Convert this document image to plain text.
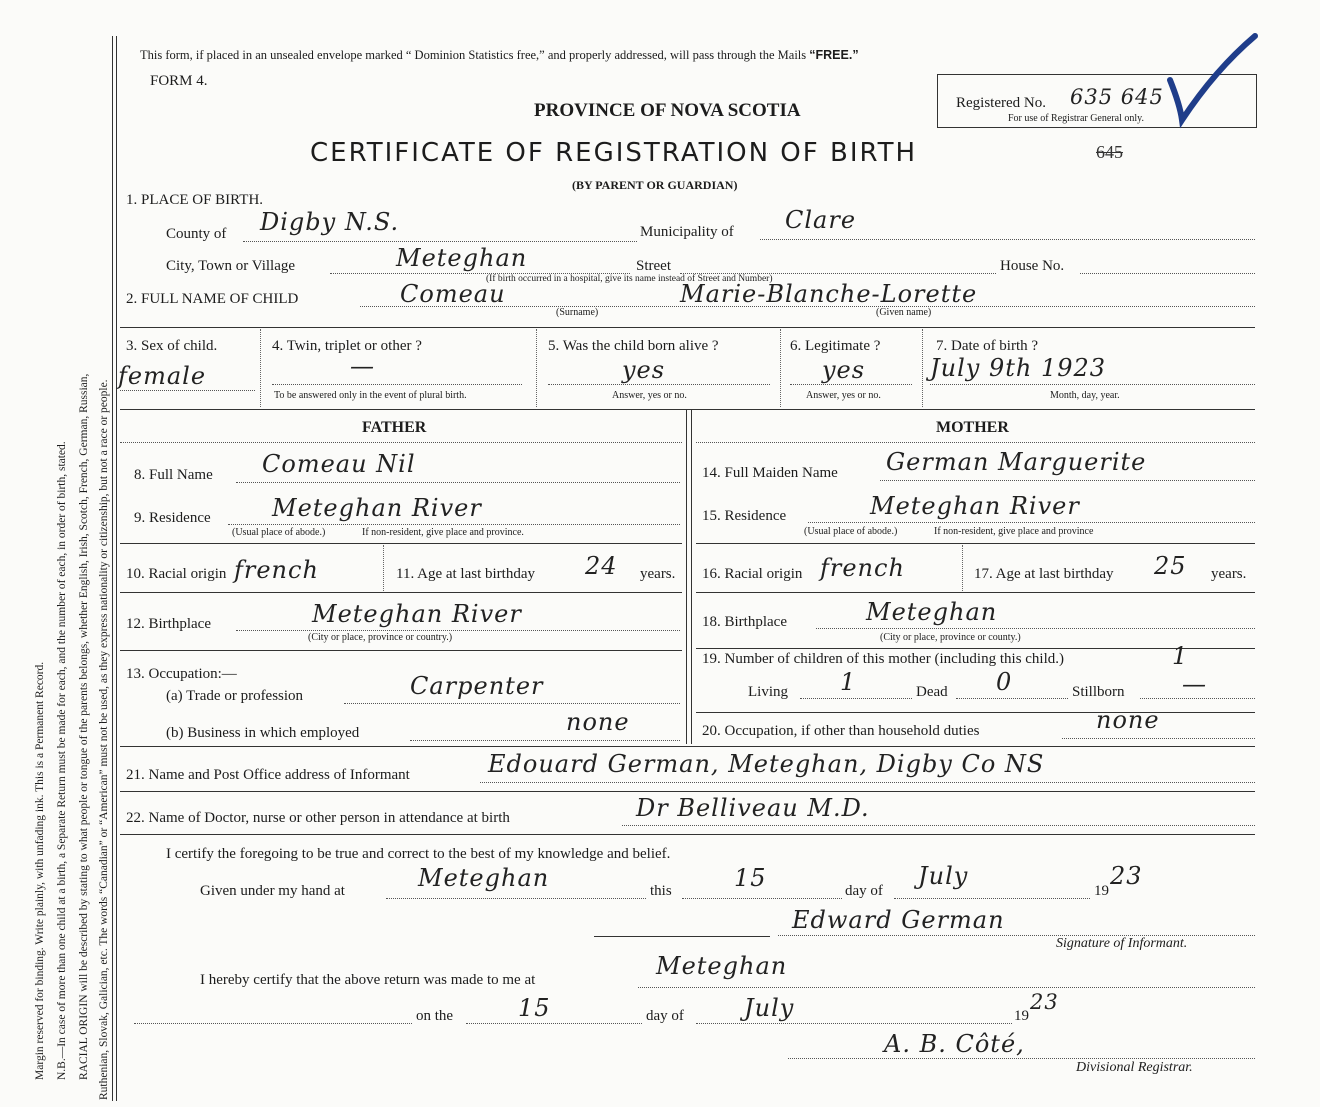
Margin reserved for binding. Write plainly, with unfading ink. This is a Permanent Record. N.B.—In case of more than one child at a birth, a Separate Return must be made for each, and the number of each, in order of birth, stated. RACIAL ORIGIN will be described by stating to what people or tongue of the parents belongs, whether English, Irish, Scotch, French, German, Russian, Ruthenian, Slovak, Galician, etc. The words “Canadian” or “American” must not be used, as they express nationality or citizenship, but not a race or people.
This form, if placed in an unsealed envelope marked “ Dominion Statistics free,” and properly addressed, will pass through the Mails “FREE.”
FORM 4.
PROVINCE OF NOVA SCOTIA
CERTIFICATE OF REGISTRATION OF BIRTH
(BY PARENT OR GUARDIAN)
645
Registered No. 635 645
For use of Registrar General only.
1. PLACE OF BIRTH.
County of Digby N.S.	Municipality of Clare
City, Town or Village	Meteghan	Street	House No.
(If birth occurred in a hospital, give its name instead of Street and Number)
2. FULL NAME OF CHILD	Comeau	Marie-Blanche-Lorette
(Surname)	(Given name)
3. Sex of child.
female
4. Twin, triplet or other ?
—
To be answered only in the event of plural birth.
5. Was the child born alive ?
yes
Answer, yes or no.
6. Legitimate ?
yes
Answer, yes or no.
7. Date of birth ?
July 9th 1923
Month, day, year.
FATHER
8. Full Name Comeau Nil
9. Residence	Meteghan River
(Usual place of abode.)	If non-resident, give place and province.
10. Racial origin french	11. Age at last birthday 24 years.
12. Birthplace	Meteghan River
(City or place, province or country.)
13. Occupation:—
(a) Trade or profession	Carpenter
(b) Business in which employed	none
MOTHER
14. Full Maiden Name German Marguerite
15. Residence	Meteghan River
(Usual place of abode.)	If non-resident, give place and province
16. Racial origin french	17. Age at last birthday 25 years.
18. Birthplace	Meteghan
(City or place, province or county.)
19. Number of children of this mother (including this child.)	1
Living 1	Dead 0	Stillborn —
20. Occupation, if other than household duties	none
21. Name and Post Office address of Informant	Edouard German, Meteghan, Digby Co NS
22. Name of Doctor, nurse or other person in attendance at birth	Dr Belliveau M.D.
I certify the foregoing to be true and correct to the best of my knowledge and belief.
Given under my hand at	Meteghan	this	15	day of
July
19
23
Edward German
Signature of Informant.
I hereby certify that the above return was made to me at	Meteghan
on the	15	day of	July	19
23
A. B. Côté,
Divisional Registrar.
